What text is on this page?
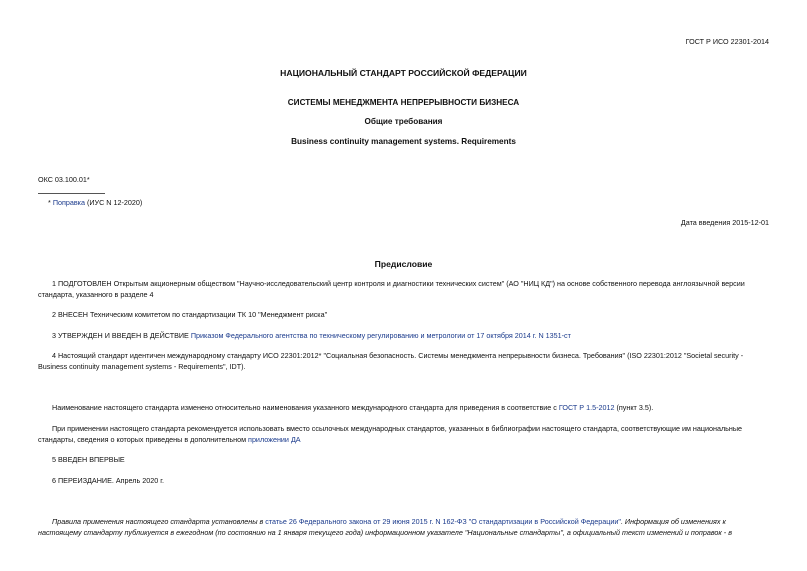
ГОСТ Р ИСО 22301-2014
НАЦИОНАЛЬНЫЙ СТАНДАРТ РОССИЙСКОЙ ФЕДЕРАЦИИ
СИСТЕМЫ МЕНЕДЖМЕНТА НЕПРЕРЫВНОСТИ БИЗНЕСА
Общие требования
Business continuity management systems. Requirements
ОКС 03.100.01*
* Поправка (ИУС N 12-2020)
Дата введения 2015-12-01
Предисловие
1 ПОДГОТОВЛЕН Открытым акционерным обществом "Научно-исследовательский центр контроля и диагностики технических систем" (АО "НИЦ КД") на основе собственного перевода англоязычной версии
стандарта, указанного в разделе 4
2 ВНЕСЕН Техническим комитетом по стандартизации ТК 10 "Менеджмент риска"
3 УТВЕРЖДЕН И ВВЕДЕН В ДЕЙСТВИЕ Приказом Федерального агентства по техническому регулированию и метрологии от 17 октября 2014 г. N 1351-ст
4 Настоящий стандарт идентичен международному стандарту ИСО 22301:2012* "Социальная безопасность. Системы менеджмента непрерывности бизнеса. Требования" (ISO 22301:2012 "Societal security -
Business continuity management systems - Requirements", IDT).
Наименование настоящего стандарта изменено относительно наименования указанного международного стандарта для приведения в соответствие с ГОСТ Р 1.5-2012 (пункт 3.5).
При применении настоящего стандарта рекомендуется использовать вместо ссылочных международных стандартов, указанных в библиографии настоящего стандарта, соответствующие им национальные
стандарты, сведения о которых приведены в дополнительном приложении ДА
5 ВВЕДЕН ВПЕРВЫЕ
6 ПЕРЕИЗДАНИЕ. Апрель 2020 г.
Правила применения настоящего стандарта установлены в статье 26 Федерального закона от 29 июня 2015 г. N 162-ФЗ "О стандартизации в Российской Федерации". Информация об изменениях к
настоящему стандарту публикуется в ежегодном (по состоянию на 1 января текущего года) информационном указателе "Национальные стандарты", а официальный текст изменений и поправок - в
